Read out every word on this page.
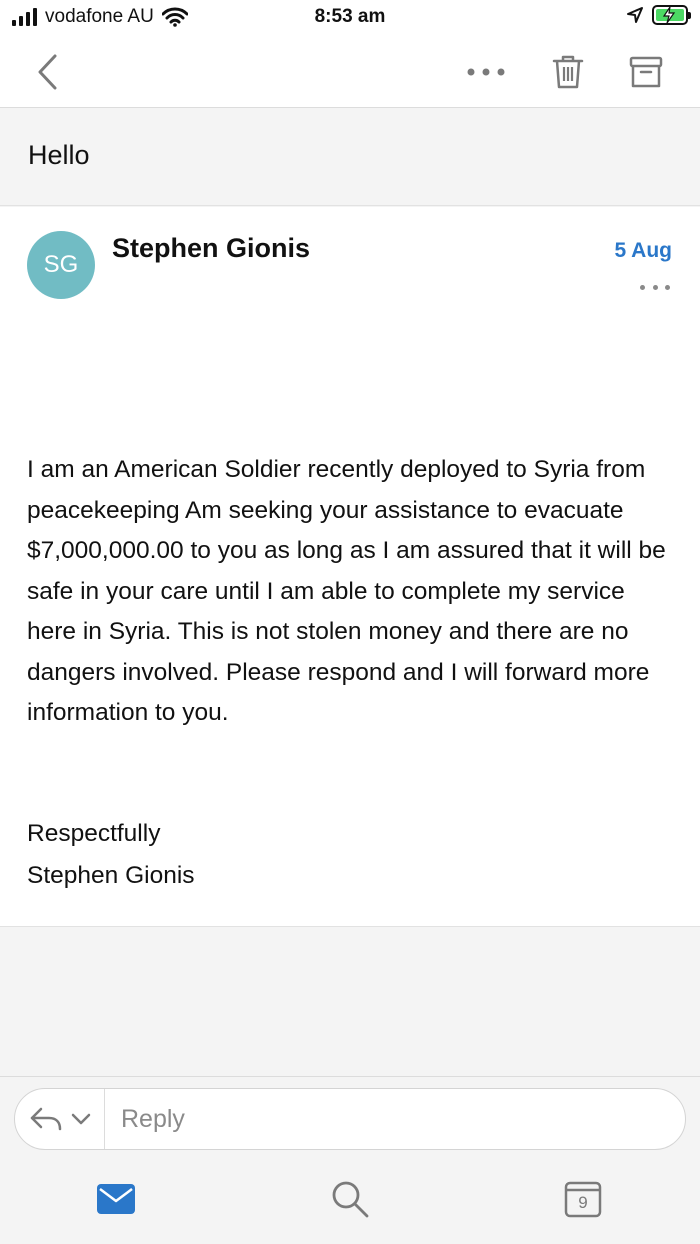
vodafone AU	8:53 am
Hello
SG
Stephen Gionis	5 Aug
I am an American Soldier recently deployed to Syria from peacekeeping Am seeking your assistance to evacuate $7,000,000.00 to you as long as I am assured that it will be safe in your care until I am able to complete my service here in Syria. This is not stolen money and there are no dangers involved. Please respond and I will forward more information to you.
Respectfully
Stephen Gionis
Reply
9
